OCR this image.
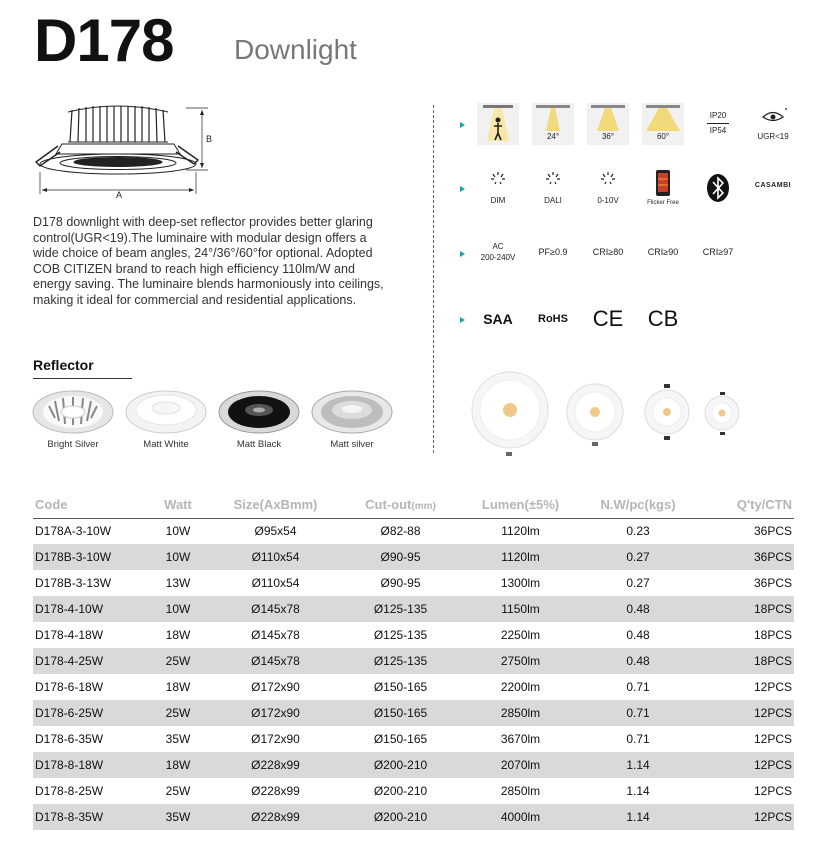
D178 Downlight
A
B

D178 downlight with deep-set reflector provides better glaring control(UGR<19).The luminaire with modular design offers a wide choice of beam angles, 24°/36°/60°for optional. Adopted COB CITIZEN brand to reach high efficiency 110lm/W and energy saving. The luminaire blends harmoniously into ceilings, making it ideal for commercial and residential applications.

Reflector
Bright Silver	Matt White	Matt Black	Matt silver
24°	36°	60°
IP20
IP54
UGR<19
DIM	DALI	0-10V	Flicker Free
CASAMBI
AC
200-240V
PF≥0.9	CRI≥80	CRI≥90	CRI≥97
SAA	RoHS CE CB
Code	Watt	Size(AxBmm)	Cut-out(mm)	Lumen(±5%)	N.W/pc(kgs)	Q'ty/CTN
D178A-3-10W	10W	Ø95x54	Ø82-88	1120lm	0.23	36PCS
D178B-3-10W	10W	Ø110x54	Ø90-95	1120lm	0.27	36PCS
D178B-3-13W	13W	Ø110x54	Ø90-95	1300lm	0.27	36PCS
D178-4-10W	10W	Ø145x78	Ø125-135	1150lm	0.48	18PCS
D178-4-18W	18W	Ø145x78	Ø125-135	2250lm	0.48	18PCS
D178-4-25W	25W	Ø145x78	Ø125-135	2750lm	0.48	18PCS
D178-6-18W	18W	Ø172x90	Ø150-165	2200lm	0.71	12PCS
D178-6-25W	25W	Ø172x90	Ø150-165	2850lm	0.71	12PCS
D178-6-35W	35W	Ø172x90	Ø150-165	3670lm	0.71	12PCS
D178-8-18W	18W	Ø228x99	Ø200-210	2070lm	1.14	12PCS
D178-8-25W	25W	Ø228x99	Ø200-210	2850lm	1.14	12PCS
D178-8-35W	35W	Ø228x99	Ø200-210	4000lm	1.14	12PCS
